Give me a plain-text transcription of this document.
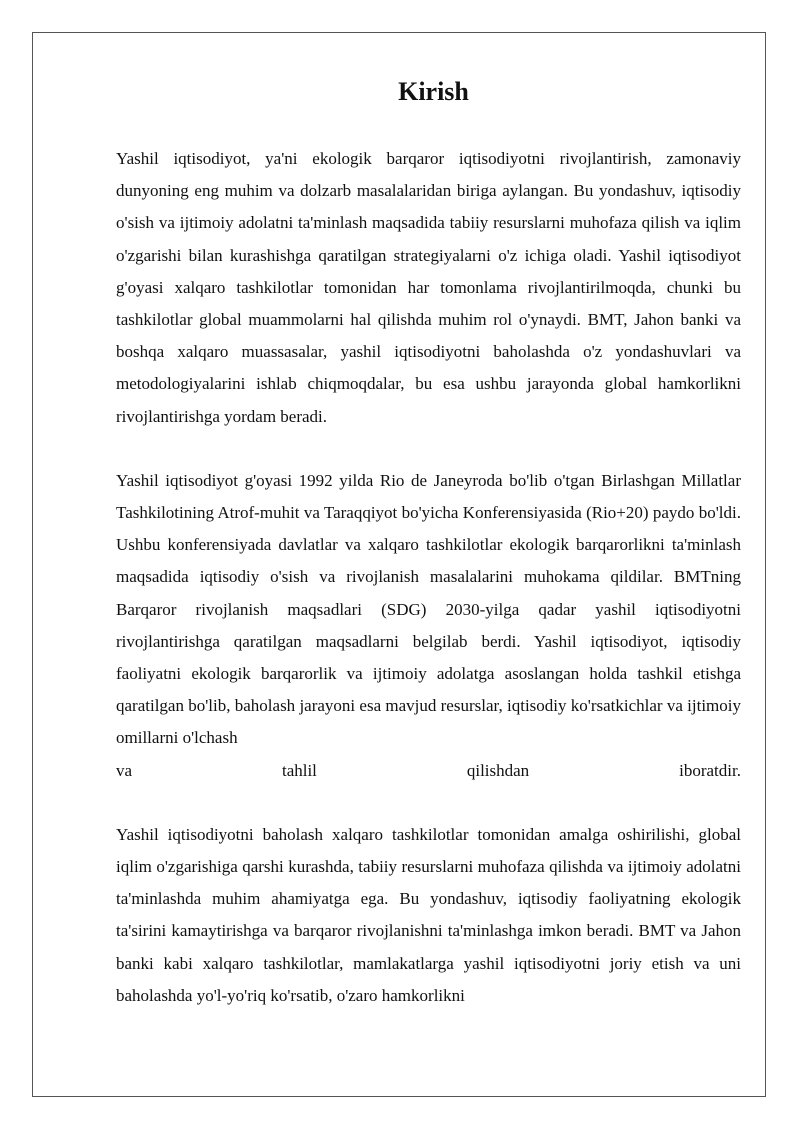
Kirish

Yashil iqtisodiyot, ya'ni ekologik barqaror iqtisodiyotni rivojlantirish, zamonaviy dunyoning eng muhim va dolzarb masalalaridan biriga aylangan. Bu yondashuv, iqtisodiy o'sish va ijtimoiy adolatni ta'minlash maqsadida tabiiy resurslarni muhofaza qilish va iqlim o'zgarishi bilan kurashishga qaratilgan strategiyalarni o'z ichiga oladi. Yashil iqtisodiyot g'oyasi xalqaro tashkilotlar tomonidan har tomonlama rivojlantirilmoqda, chunki bu tashkilotlar global muammolarni hal qilishda muhim rol o'ynaydi. BMT, Jahon banki va boshqa xalqaro muassasalar, yashil iqtisodiyotni baholashda o'z yondashuvlari va metodologiyalarini ishlab chiqmoqdalar, bu esa ushbu jarayonda global hamkorlikni rivojlantirishga yordam beradi.

Yashil iqtisodiyot g'oyasi 1992 yilda Rio de Janeyroda bo'lib o'tgan Birlashgan Millatlar Tashkilotining Atrof-muhit va Taraqqiyot bo'yicha Konferensiyasida (Rio+20) paydo bo'ldi. Ushbu konferensiyada davlatlar va xalqaro tashkilotlar ekologik barqarorlikni ta'minlash maqsadida iqtisodiy o'sish va rivojlanish masalalarini muhokama qildilar. BMTning Barqaror rivojlanish maqsadlari (SDG) 2030-yilga qadar yashil iqtisodiyotni rivojlantirishga qaratilgan maqsadlarni belgilab berdi. Yashil iqtisodiyot, iqtisodiy faoliyatni ekologik barqarorlik va ijtimoiy adolatga asoslangan holda tashkil etishga qaratilgan bo'lib, baholash jarayoni esa mavjud resurslar, iqtisodiy ko'rsatkichlar va ijtimoiy omillarni o'lchash

va	tahlil	qilishdan	iboratdir.

Yashil iqtisodiyotni baholash xalqaro tashkilotlar tomonidan amalga oshirilishi, global iqlim o'zgarishiga qarshi kurashda, tabiiy resurslarni muhofaza qilishda va ijtimoiy adolatni ta'minlashda muhim ahamiyatga ega. Bu yondashuv, iqtisodiy faoliyatning ekologik ta'sirini kamaytirishga va barqaror rivojlanishni ta'minlashga imkon beradi. BMT va Jahon banki kabi xalqaro tashkilotlar, mamlakatlarga yashil iqtisodiyotni joriy etish va uni baholashda yo'l-yo'riq ko'rsatib, o'zaro hamkorlikni
